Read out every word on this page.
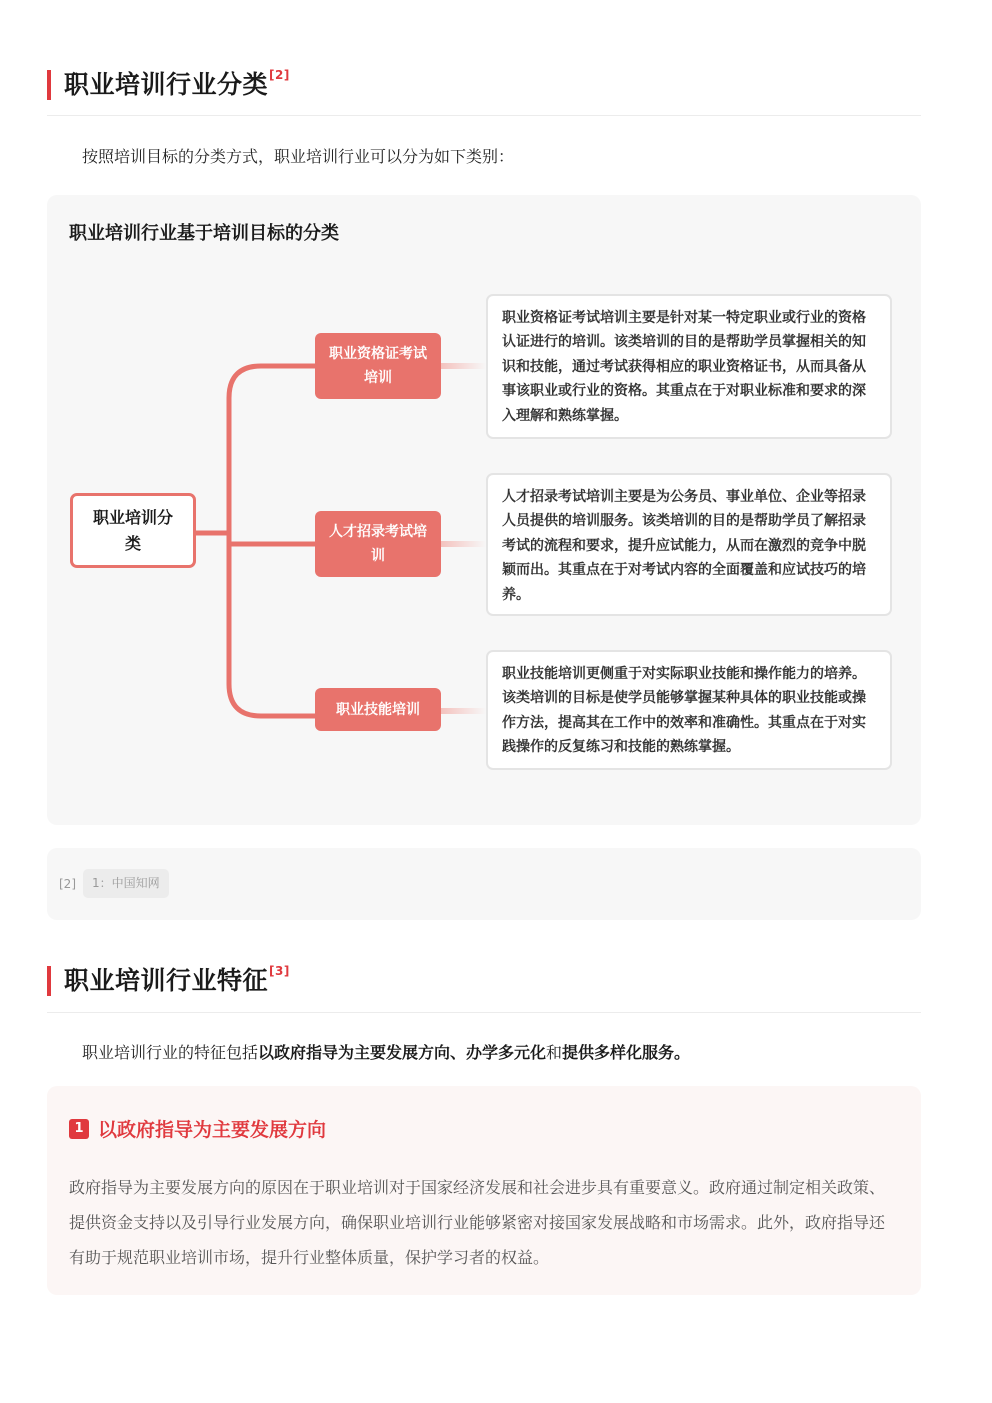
职业培训行业分类[2]
按照培训目标的分类方式，职业培训行业可以分为如下类别：
职业培训行业基于培训目标的分类
职业培训分类
职业资格证考试培训
人才招录考试培训
职业技能培训
职业资格证考试培训主要是针对某一特定职业或行业的资格认证进行的培训。该类培训的目的是帮助学员掌握相关的知识和技能，通过考试获得相应的职业资格证书，从而具备从事该职业或行业的资格。其重点在于对职业标准和要求的深入理解和熟练掌握。
人才招录考试培训主要是为公务员、事业单位、企业等招录人员提供的培训服务。该类培训的目的是帮助学员了解招录考试的流程和要求，提升应试能力，从而在激烈的竞争中脱颖而出。其重点在于对考试内容的全面覆盖和应试技巧的培养。
职业技能培训更侧重于对实际职业技能和操作能力的培养。该类培训的目标是使学员能够掌握某种具体的职业技能或操作方法，提高其在工作中的效率和准确性。其重点在于对实践操作的反复练习和技能的熟练掌握。
[2]	1：中国知网
职业培训行业特征[3]
职业培训行业的特征包括以政府指导为主要发展方向、办学多元化和提供多样化服务。
1 以政府指导为主要发展方向
政府指导为主要发展方向的原因在于职业培训对于国家经济发展和社会进步具有重要意义。政府通过制定相关政策、提供资金支持以及引导行业发展方向，确保职业培训行业能够紧密对接国家发展战略和市场需求。此外，政府指导还有助于规范职业培训市场，提升行业整体质量，保护学习者的权益。
